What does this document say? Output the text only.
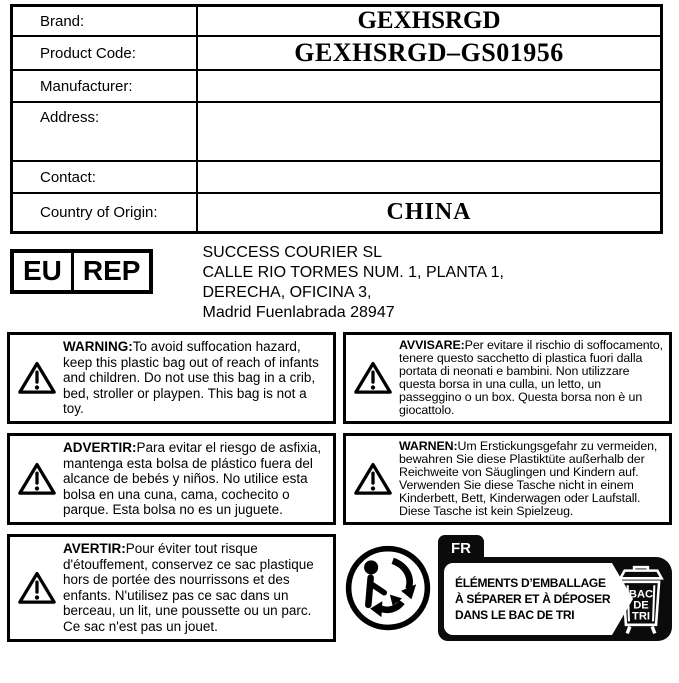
Brand:	GEXHSRGD
Product Code:	GEXHSRGD–GS01956
Manufacturer:
Address:
Contact:
Country of Origin:	CHINA
EU REP
SUCCESS COURIER SL
CALLE RIO TORMES NUM. 1, PLANTA 1,
DERECHA, OFICINA 3,
Madrid Fuenlabrada 28947

WARNING:To avoid suffocation hazard, keep this plastic bag out of reach of infants and children. Do not use this bag in a crib, bed, stroller or playpen. This bag is not a toy.

AVVISARE:Per evitare il rischio di soffocamento, tenere questo sacchetto di plastica fuori dalla portata di neonati e bambini. Non utilizzare questa borsa in una culla, un letto, un passeggino o un box. Questa borsa non è un giocattolo.

ADVERTIR:Para evitar el riesgo de asfixia, mantenga esta bolsa de plástico fuera del alcance de bebés y niños. No utilice esta bolsa en una cuna, cama, cochecito o parque. Esta bolsa no es un juguete.

WARNEN:Um Erstickungsgefahr zu vermeiden, bewahren Sie diese Plastiktüte außerhalb der Reichweite von Säuglingen und Kindern auf. Verwenden Sie diese Tasche nicht in einem Kinderbett, Bett, Kinderwagen oder Laufstall. Diese Tasche ist kein Spielzeug.

AVERTIR:Pour éviter tout risque d'étouffement, conservez ce sac plastique hors de portée des nourrissons et des enfants. N'utilisez pas ce sac dans un berceau, un lit, une poussette ou un parc. Ce sac n'est pas un jouet.

FR
ÉLÉMENTS D’EMBALLAGE
À SÉPARER ET À DÉPOSER
DANS LE BAC DE TRI
BAC
DE
TRI
